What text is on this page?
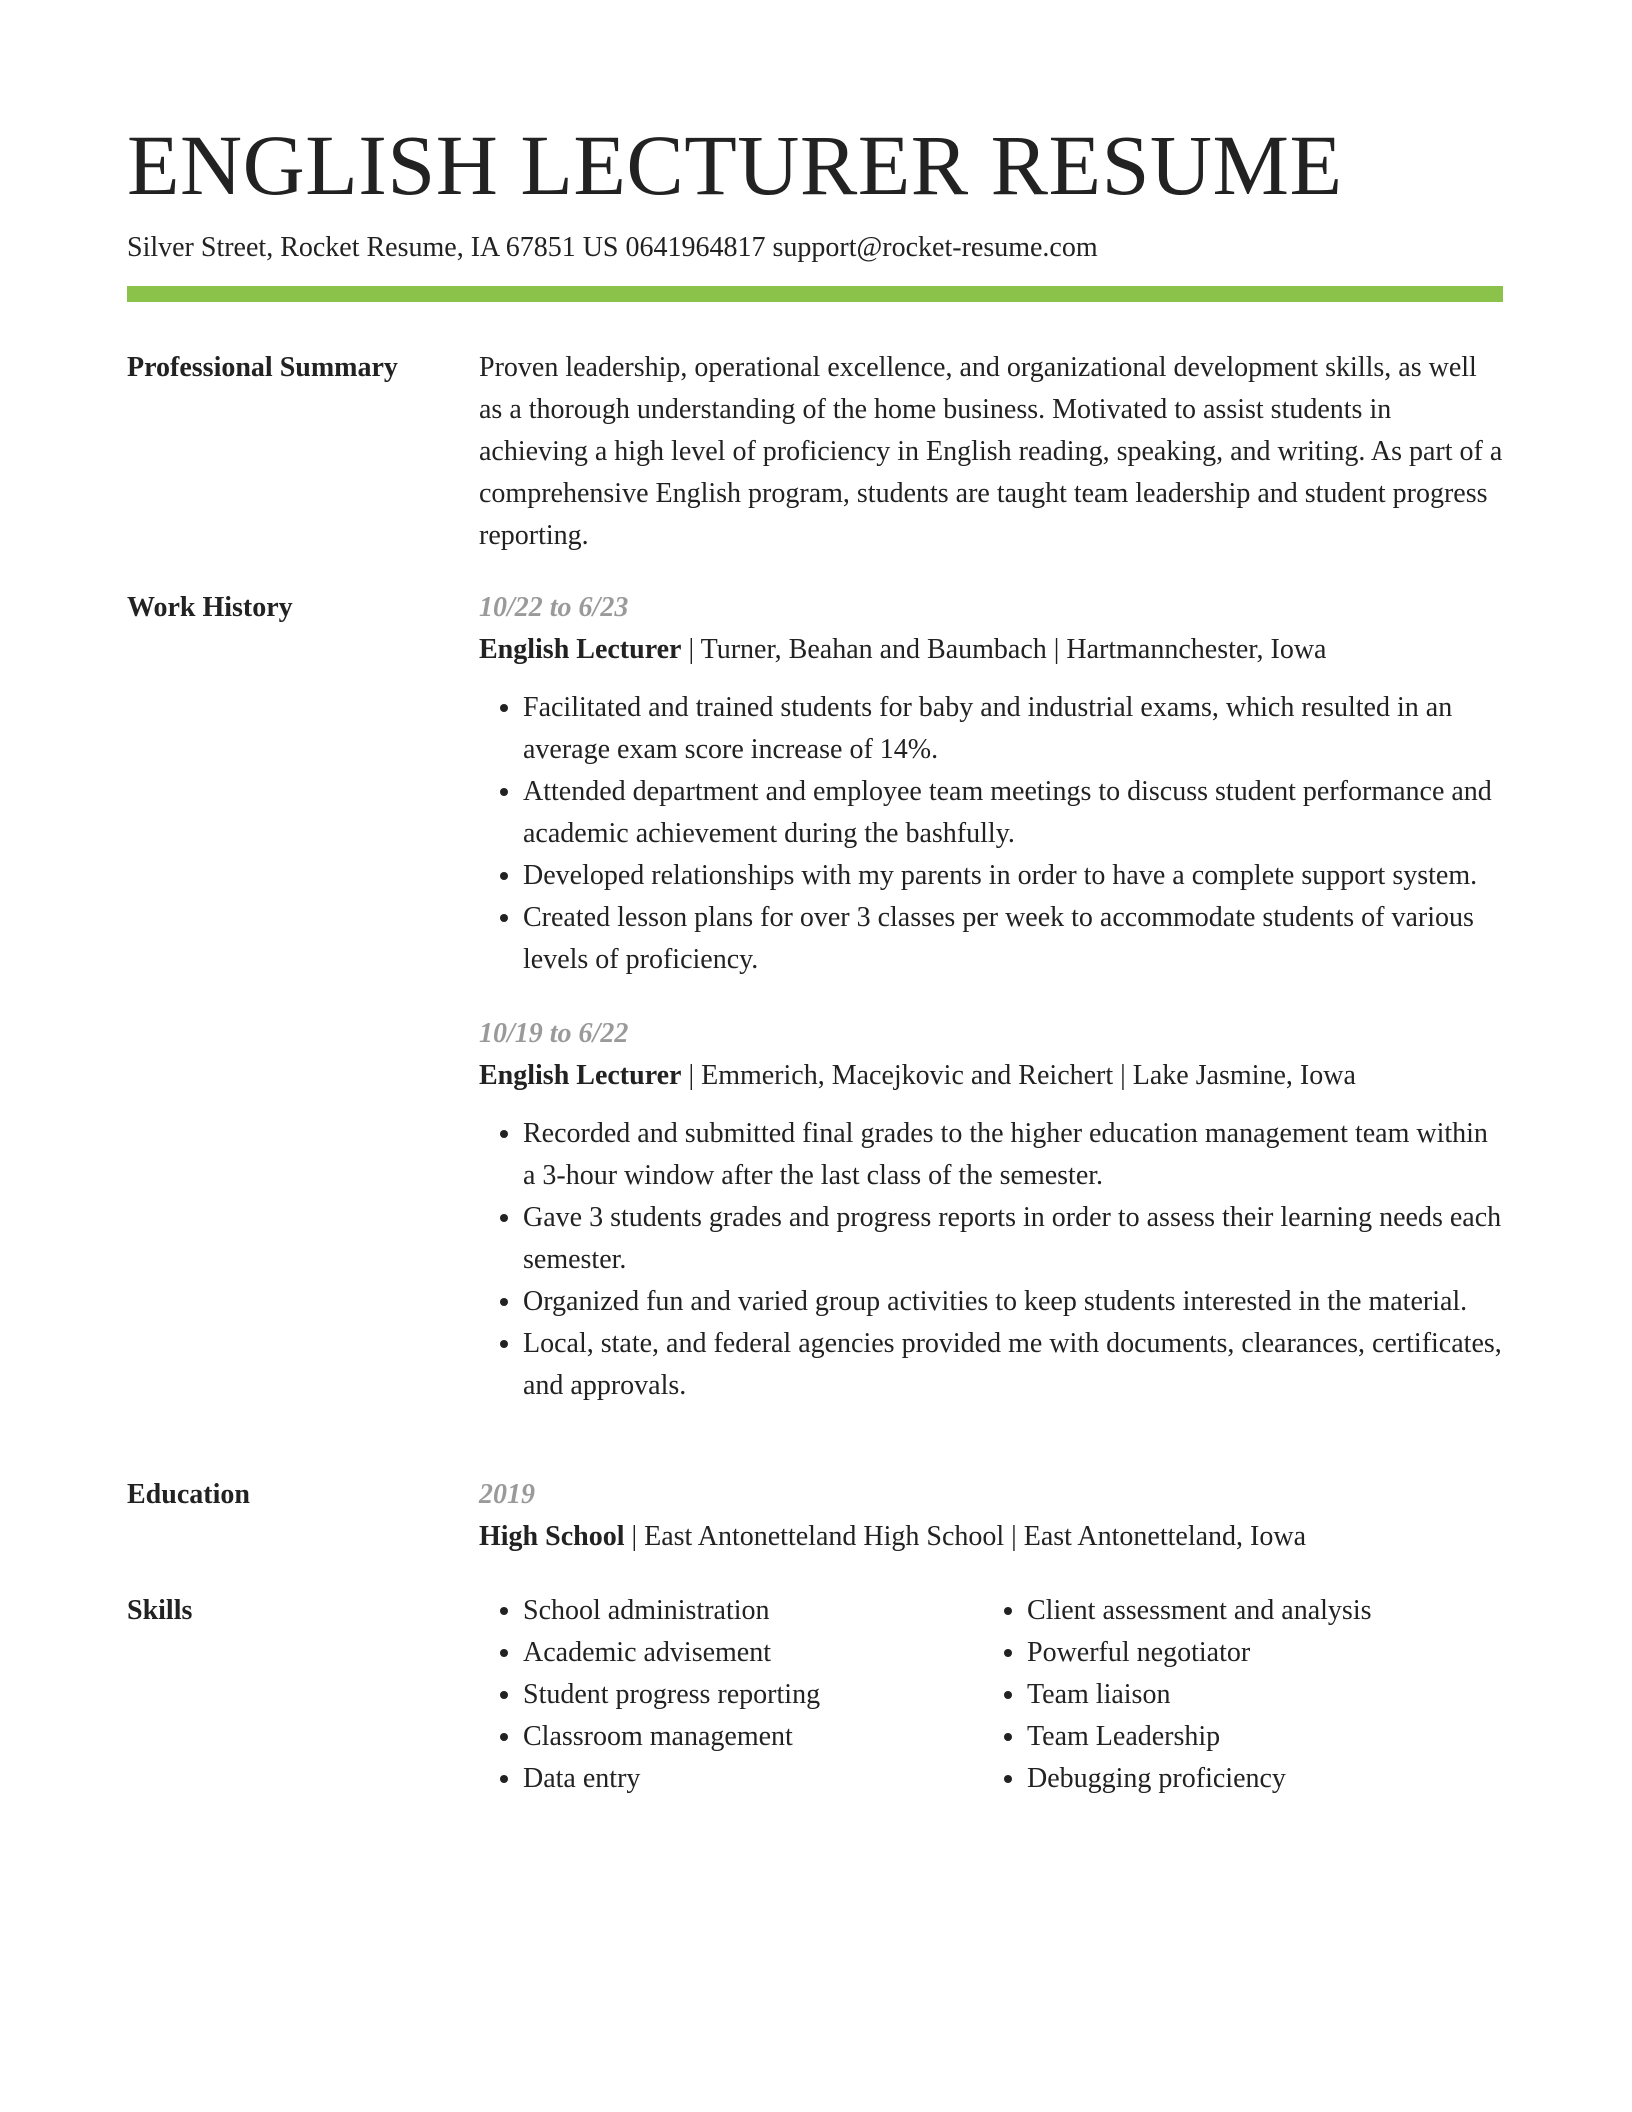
ENGLISH LECTURER RESUME
Silver Street, Rocket Resume, IA 67851 US 0641964817 support@rocket-resume.com
Professional Summary	Proven leadership, operational excellence, and organizational development skills, as well as a thorough understanding of the home business. Motivated to assist students in achieving a high level of proficiency in English reading, speaking, and writing. As part of a comprehensive English program, students are taught team leadership and student progress reporting.
Work History	10/22 to 6/23
English Lecturer | Turner, Beahan and Baumbach | Hartmannchester, Iowa
• Facilitated and trained students for baby and industrial exams, which resulted in an average exam score increase of 14%.
• Attended department and employee team meetings to discuss student performance and academic achievement during the bashfully.
• Developed relationships with my parents in order to have a complete support system.
• Created lesson plans for over 3 classes per week to accommodate students of various levels of proficiency.
10/19 to 6/22
English Lecturer | Emmerich, Macejkovic and Reichert | Lake Jasmine, Iowa
• Recorded and submitted final grades to the higher education management team within a 3-hour window after the last class of the semester.
• Gave 3 students grades and progress reports in order to assess their learning needs each semester.
• Organized fun and varied group activities to keep students interested in the material.
• Local, state, and federal agencies provided me with documents, clearances, certificates, and approvals.
Education	2019
High School | East Antonetteland High School | East Antonetteland, Iowa
Skills
•	School administration
• Academic advisement
• Student progress reporting
• Classroom management
• Data entry
• Client assessment and analysis
• Powerful negotiator
• Team liaison
• Team Leadership
• Debugging proficiency
